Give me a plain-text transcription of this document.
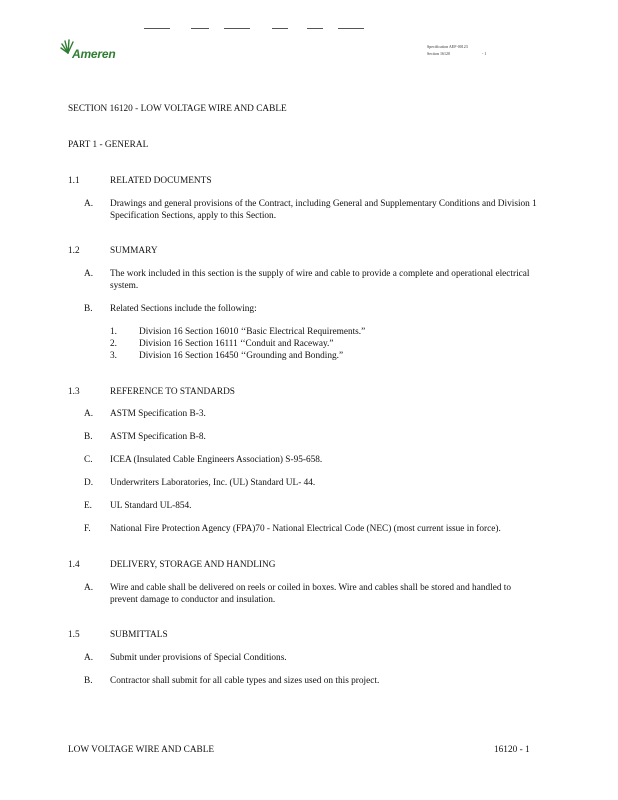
Ameren
Specification AEF-00123
Section 16120	- 1
SECTION 16120 - LOW VOLTAGE WIRE AND CABLE
PART 1 - GENERAL
1.1	RELATED DOCUMENTS
A. Drawings and general provisions of the Contract, including General and Supplementary Conditions and Division 1 Specification Sections, apply to this Section.
1.2	SUMMARY
A. The work included in this section is the supply of wire and cable to provide a complete and operational electrical system.
B. Related Sections include the following:
1. Division 16 Section 16010 ‘‘Basic Electrical Requirements.”
2. Division 16 Section 16111 ‘‘Conduit and Raceway.”
3. Division 16 Section 16450 ‘‘Grounding and Bonding.”
1.3	REFERENCE TO STANDARDS
A. ASTM Specification B-3.
B. ASTM Specification B-8.
C. ICEA (Insulated Cable Engineers Association) S-95-658.
D. Underwriters Laboratories, Inc. (UL) Standard UL- 44.
E. UL Standard UL-854.
F. National Fire Protection Agency (FPA)70 - National Electrical Code (NEC) (most current issue in force).
1.4	DELIVERY, STORAGE AND HANDLING
A. Wire and cable shall be delivered on reels or coiled in boxes. Wire and cables shall be stored and handled to prevent damage to conductor and insulation.
1.5	SUBMITTALS
A. Submit under provisions of Special Conditions.
B. Contractor shall submit for all cable types and sizes used on this project.
LOW VOLTAGE WIRE AND CABLE	16120 - 1
